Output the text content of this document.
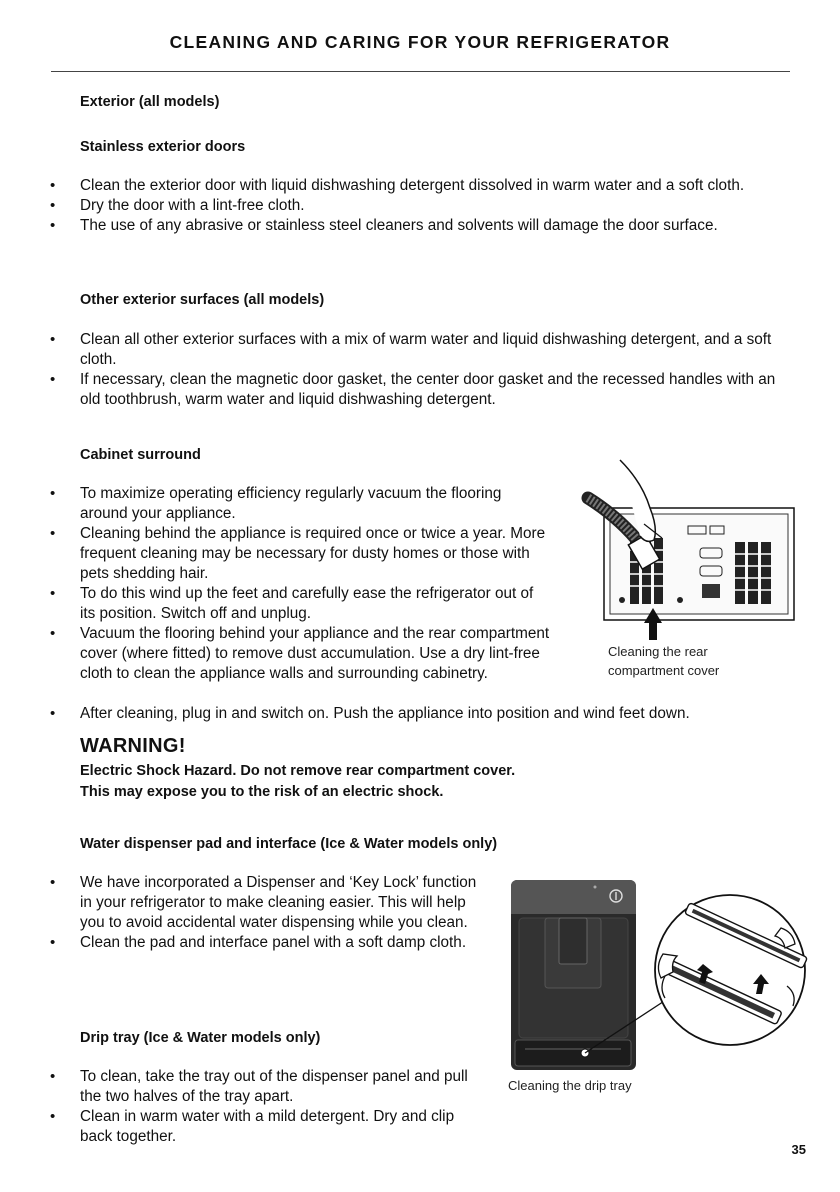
CLEANING AND CARING FOR YOUR REFRIGERATOR
Exterior (all models)
Stainless exterior doors
• Clean the exterior door with liquid dishwashing detergent dissolved in warm water and a soft cloth.
• Dry the door with a lint-free cloth.
• The use of any abrasive or stainless steel cleaners and solvents will damage the door surface.
Other exterior surfaces (all models)
• Clean all other exterior surfaces with a mix of warm water and liquid dishwashing detergent, and a soft cloth.
• If necessary, clean the magnetic door gasket, the center door gasket and the recessed handles with an old toothbrush, warm water and liquid dishwashing detergent.
Cabinet surround
• To maximize operating efficiency regularly vacuum the flooring around your appliance.
• Cleaning behind the appliance is required once or twice a year. More frequent cleaning may be necessary for dusty homes or those with pets shedding hair.
• To do this wind up the feet and carefully ease the refrigerator out of its position. Switch off and unplug.
• Vacuum the flooring behind your appliance and the rear compartment cover (where fitted) to remove dust accumulation. Use a dry lint-free cloth to clean the appliance walls and surrounding cabinetry.
• After cleaning, plug in and switch on. Push the appliance into position and wind feet down.
Cleaning the rear compartment cover
WARNING!
Electric Shock Hazard. Do not remove rear compartment cover.
This may expose you to the risk of an electric shock.
Water dispenser pad and interface (Ice & Water models only)
• We have incorporated a Dispenser and ‘Key Lock’ function in your refrigerator to make cleaning easier. This will help you to avoid accidental water dispensing while you clean.
• Clean the pad and interface panel with a soft damp cloth.
Drip tray (Ice & Water models only)
• To clean, take the tray out of the dispenser panel and pull the two halves of the tray apart.
• Clean in warm water with a mild detergent. Dry and clip back together.
Cleaning the drip tray
35
